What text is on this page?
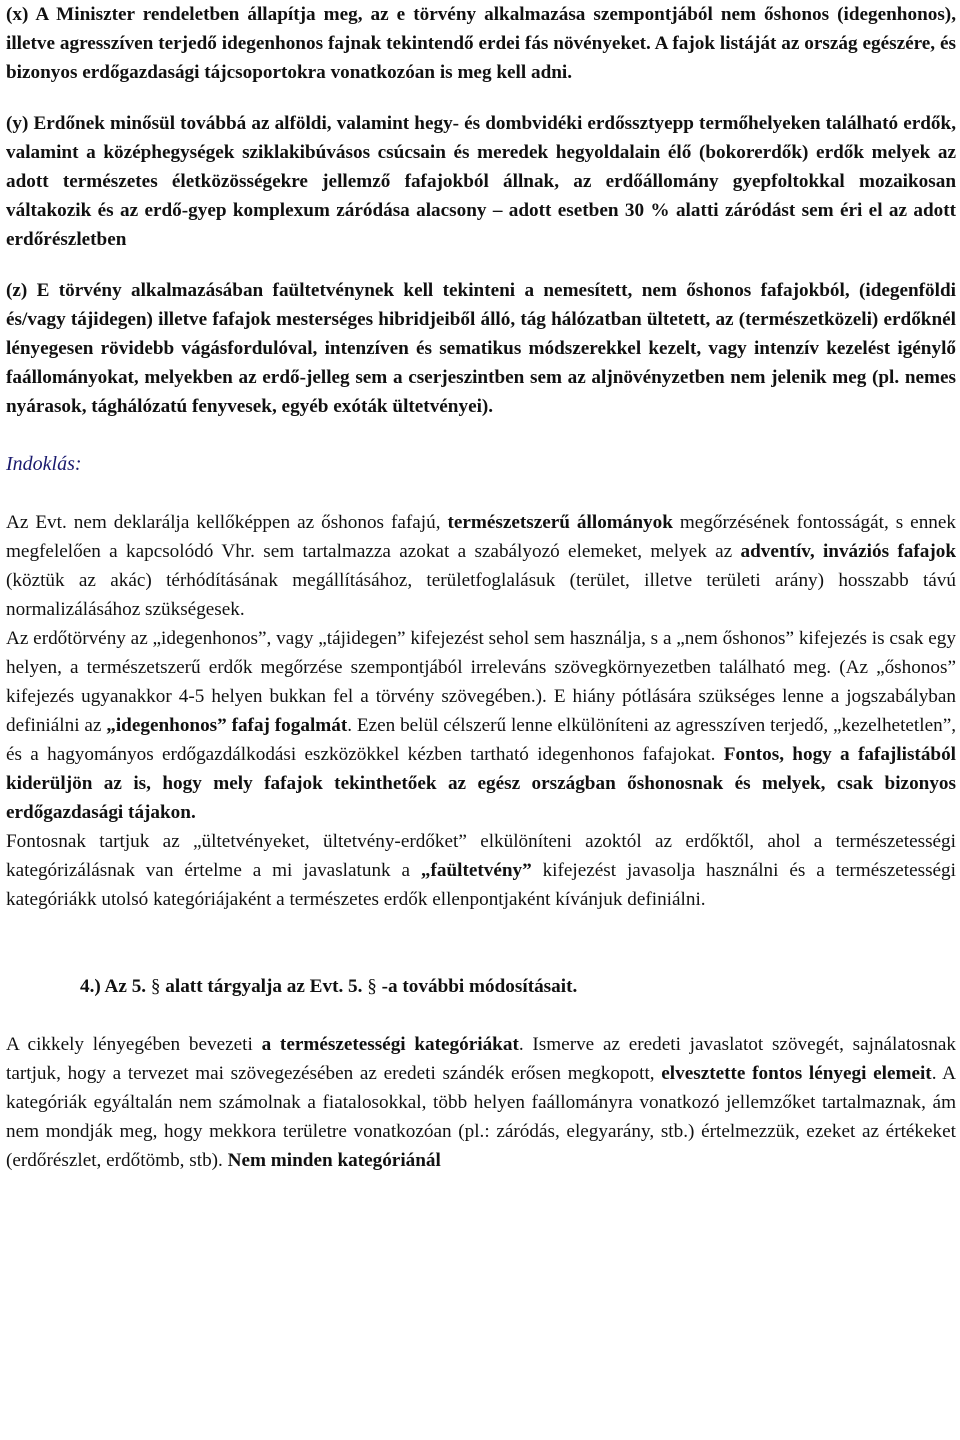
(x) A Miniszter rendeletben állapítja meg, az e törvény alkalmazása szempontjából nem őshonos (idegenhonos), illetve agresszíven terjedő idegenhonos fajnak tekintendő erdei fás növényeket. A fajok listáját az ország egészére, és bizonyos erdőgazdasági tájcsoportokra vonatkozóan is meg kell adni.

(y) Erdőnek minősül továbbá az alföldi, valamint hegy- és dombvidéki erdőssztyepp termőhelyeken található erdők, valamint a középhegységek sziklakibúvásos csúcsain és meredek hegyoldalain élő (bokorerdők) erdők melyek az adott természetes életközösségekre jellemző fafajokból állnak, az erdőállomány gyepfoltokkal mozaikosan váltakozik és az erdő-gyep komplexum záródása alacsony – adott esetben 30 % alatti záródást sem éri el az adott erdőrészletben

(z) E törvény alkalmazásában faültetvénynek kell tekinteni a nemesített, nem őshonos fafajokból, (idegenföldi és/vagy tájidegen) illetve fafajok mesterséges hibridjeiből álló, tág hálózatban ültetett, az (természetközeli) erdőknél lényegesen rövidebb vágásfordulóval, intenzíven és sematikus módszerekkel kezelt, vagy intenzív kezelést igénylő faállományokat, melyekben az erdő-jelleg sem a cserjeszintben sem az aljnövényzetben nem jelenik meg (pl. nemes nyárasok, tághálózatú fenyvesek, egyéb exóták ültetvényei).

Indoklás:

Az Evt. nem deklarálja kellőképpen az őshonos fafajú, természetszerű állományok megőrzésének fontosságát, s ennek megfelelően a kapcsolódó Vhr. sem tartalmazza azokat a szabályozó elemeket, melyek az adventív, inváziós fafajok (köztük az akác) térhódításának megállításához, területfoglalásuk (terület, illetve területi arány) hosszabb távú normalizálásához szükségesek.

Az erdőtörvény az „idegenhonos”, vagy „tájidegen” kifejezést sehol sem használja, s a „nem őshonos” kifejezés is csak egy helyen, a természetszerű erdők megőrzése szempontjából irreleváns szövegkörnyezetben található meg. (Az „őshonos” kifejezés ugyanakkor 4-5 helyen bukkan fel a törvény szövegében.). E hiány pótlására szükséges lenne a jogszabályban definiálni az „idegenhonos” fafaj fogalmát. Ezen belül célszerű lenne elkülöníteni az agresszíven terjedő, „kezelhetetlen”, és a hagyományos erdőgazdálkodási eszközökkel kézben tartható idegenhonos fafajokat. Fontos, hogy a fafajlistából kiderüljön az is, hogy mely fafajok tekinthetőek az egész országban őshonosnak és melyek, csak bizonyos erdőgazdasági tájakon.

Fontosnak tartjuk az „ültetvényeket, ültetvény-erdőket” elkülöníteni azoktól az erdőktől, ahol a természetességi kategórizálásnak van értelme a mi javaslatunk a „faültetvény” kifejezést javasolja használni és a természetességi kategóriákk utolsó kategóriájaként a természetes erdők ellenpontjaként kívánjuk definiálni.

4.) Az 5. § alatt tárgyalja az Evt. 5. § -a további módosításait.

A cikkely lényegében bevezeti a természetességi kategóriákat. Ismerve az eredeti javaslatot szövegét, sajnálatosnak tartjuk, hogy a tervezet mai szövegezésében az eredeti szándék erősen megkopott, elvesztette fontos lényegi elemeit. A kategóriák egyáltalán nem számolnak a fiatalosokkal, több helyen faállományra vonatkozó jellemzőket tartalmaznak, ám nem mondják meg, hogy mekkora területre vonatkozóan (pl.: záródás, elegyarány, stb.) értelmezzük, ezeket az értékeket (erdőrészlet, erdőtömb, stb). Nem minden kategóriánál
